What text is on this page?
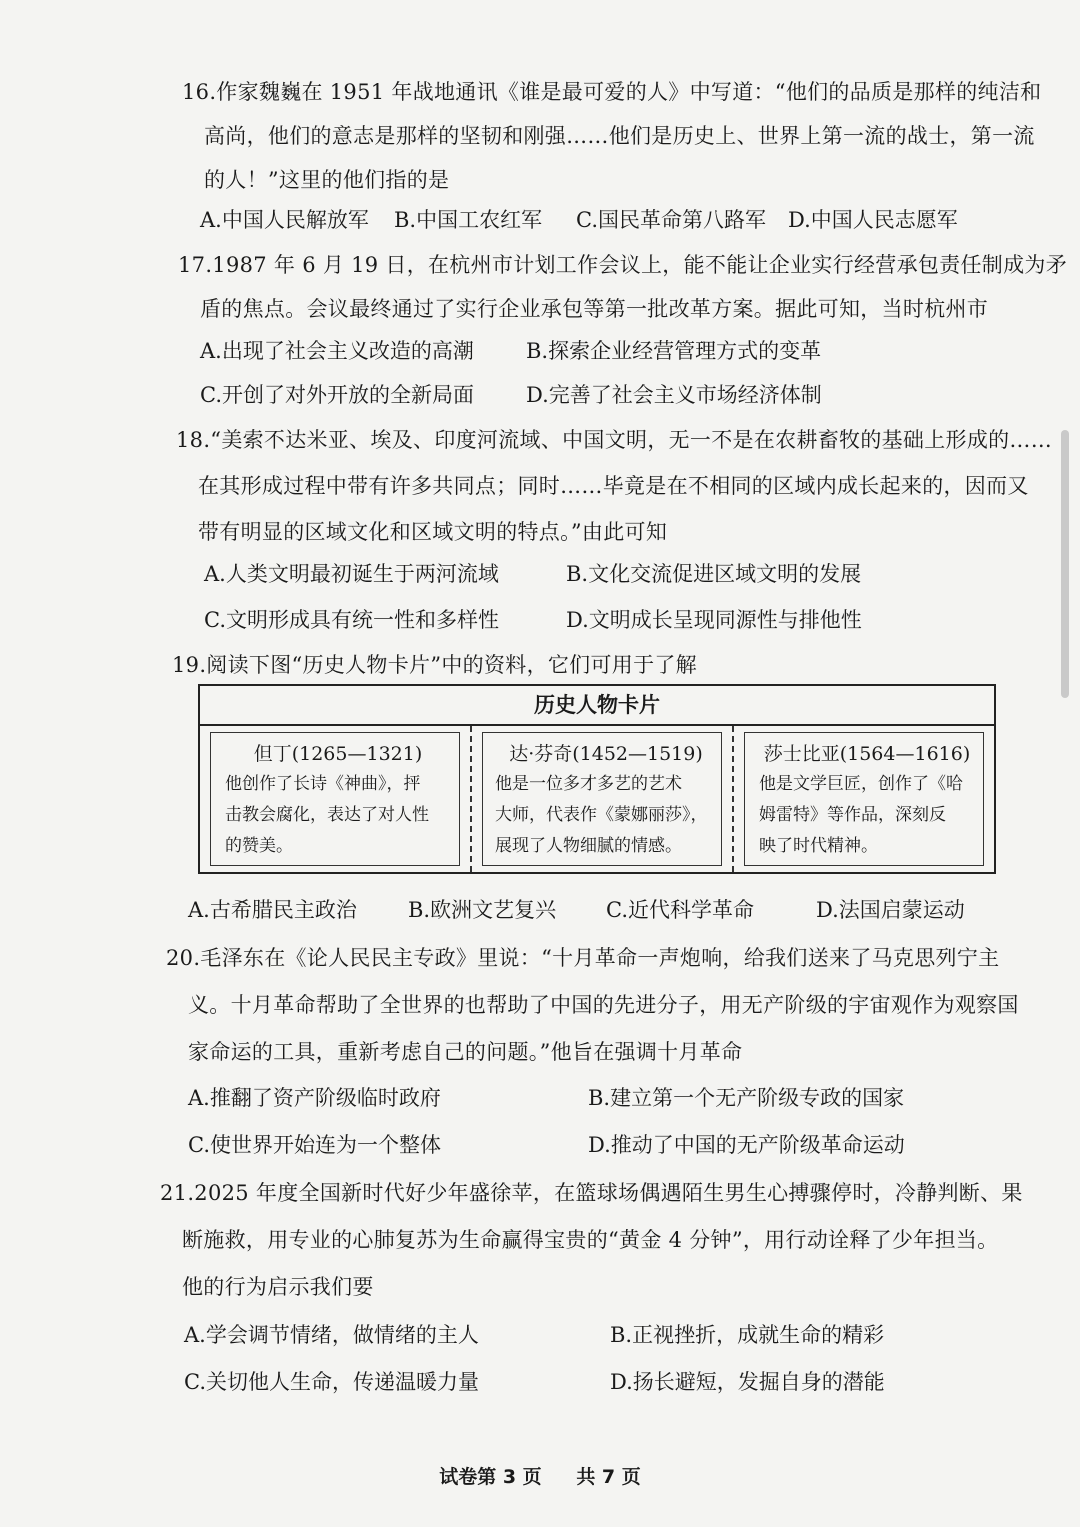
16.作家魏巍在 1951 年战地通讯《谁是最可爱的人》中写道：“他们的品质是那样的纯洁和
高尚，他们的意志是那样的坚韧和刚强……他们是历史上、世界上第一流的战士，第一流
的人！”这里的他们指的是
A.中国人民解放军 B.中国工农红军 C.国民革命第八路军 D.中国人民志愿军
17.1987 年 6 月 19 日，在杭州市计划工作会议上，能不能让企业实行经营承包责任制成为矛
盾的焦点。会议最终通过了实行企业承包等第一批改革方案。据此可知，当时杭州市
A.出现了社会主义改造的高潮 B.探索企业经营管理方式的变革
C.开创了对外开放的全新局面 D.完善了社会主义市场经济体制
18.“美索不达米亚、埃及、印度河流域、中国文明，无一不是在农耕畜牧的基础上形成的……
在其形成过程中带有许多共同点；同时……毕竟是在不相同的区域内成长起来的，因而又
带有明显的区域文化和区域文明的特点。”由此可知
A.人类文明最初诞生于两河流域	B.文化交流促进区域文明的发展
C.文明形成具有统一性和多样性	D.文明成长呈现同源性与排他性
19.阅读下图“历史人物卡片”中的资料，它们可用于了解
历史人物卡片
但丁(1265—1321)
他创作了长诗《神曲》，抨
击教会腐化，表达了对人性
的赞美。
达·芬奇(1452—1519)
他是一位多才多艺的艺术
大师，代表作《蒙娜丽莎》，
展现了人物细腻的情感。
莎士比亚(1564—1616)
他是文学巨匠，创作了《哈
姆雷特》等作品，深刻反
映了时代精神。
A.古希腊民主政治 B.欧洲文艺复兴 C.近代科学革命	D.法国启蒙运动
20.毛泽东在《论人民民主专政》里说：“十月革命一声炮响，给我们送来了马克思列宁主
义。十月革命帮助了全世界的也帮助了中国的先进分子，用无产阶级的宇宙观作为观察国
家命运的工具，重新考虑自己的问题。”他旨在强调十月革命
A.推翻了资产阶级临时政府	B.建立第一个无产阶级专政的国家
C.使世界开始连为一个整体	D.推动了中国的无产阶级革命运动
21.2025 年度全国新时代好少年盛徐苹，在篮球场偶遇陌生男生心搏骤停时，冷静判断、果
断施救，用专业的心肺复苏为生命赢得宝贵的“黄金 4 分钟”，用行动诠释了少年担当。
他的行为启示我们要
A.学会调节情绪，做情绪的主人	B.正视挫折，成就生命的精彩
C.关切他人生命，传递温暖力量	D.扬长避短，发掘自身的潜能
试卷第 3 页 共 7 页
